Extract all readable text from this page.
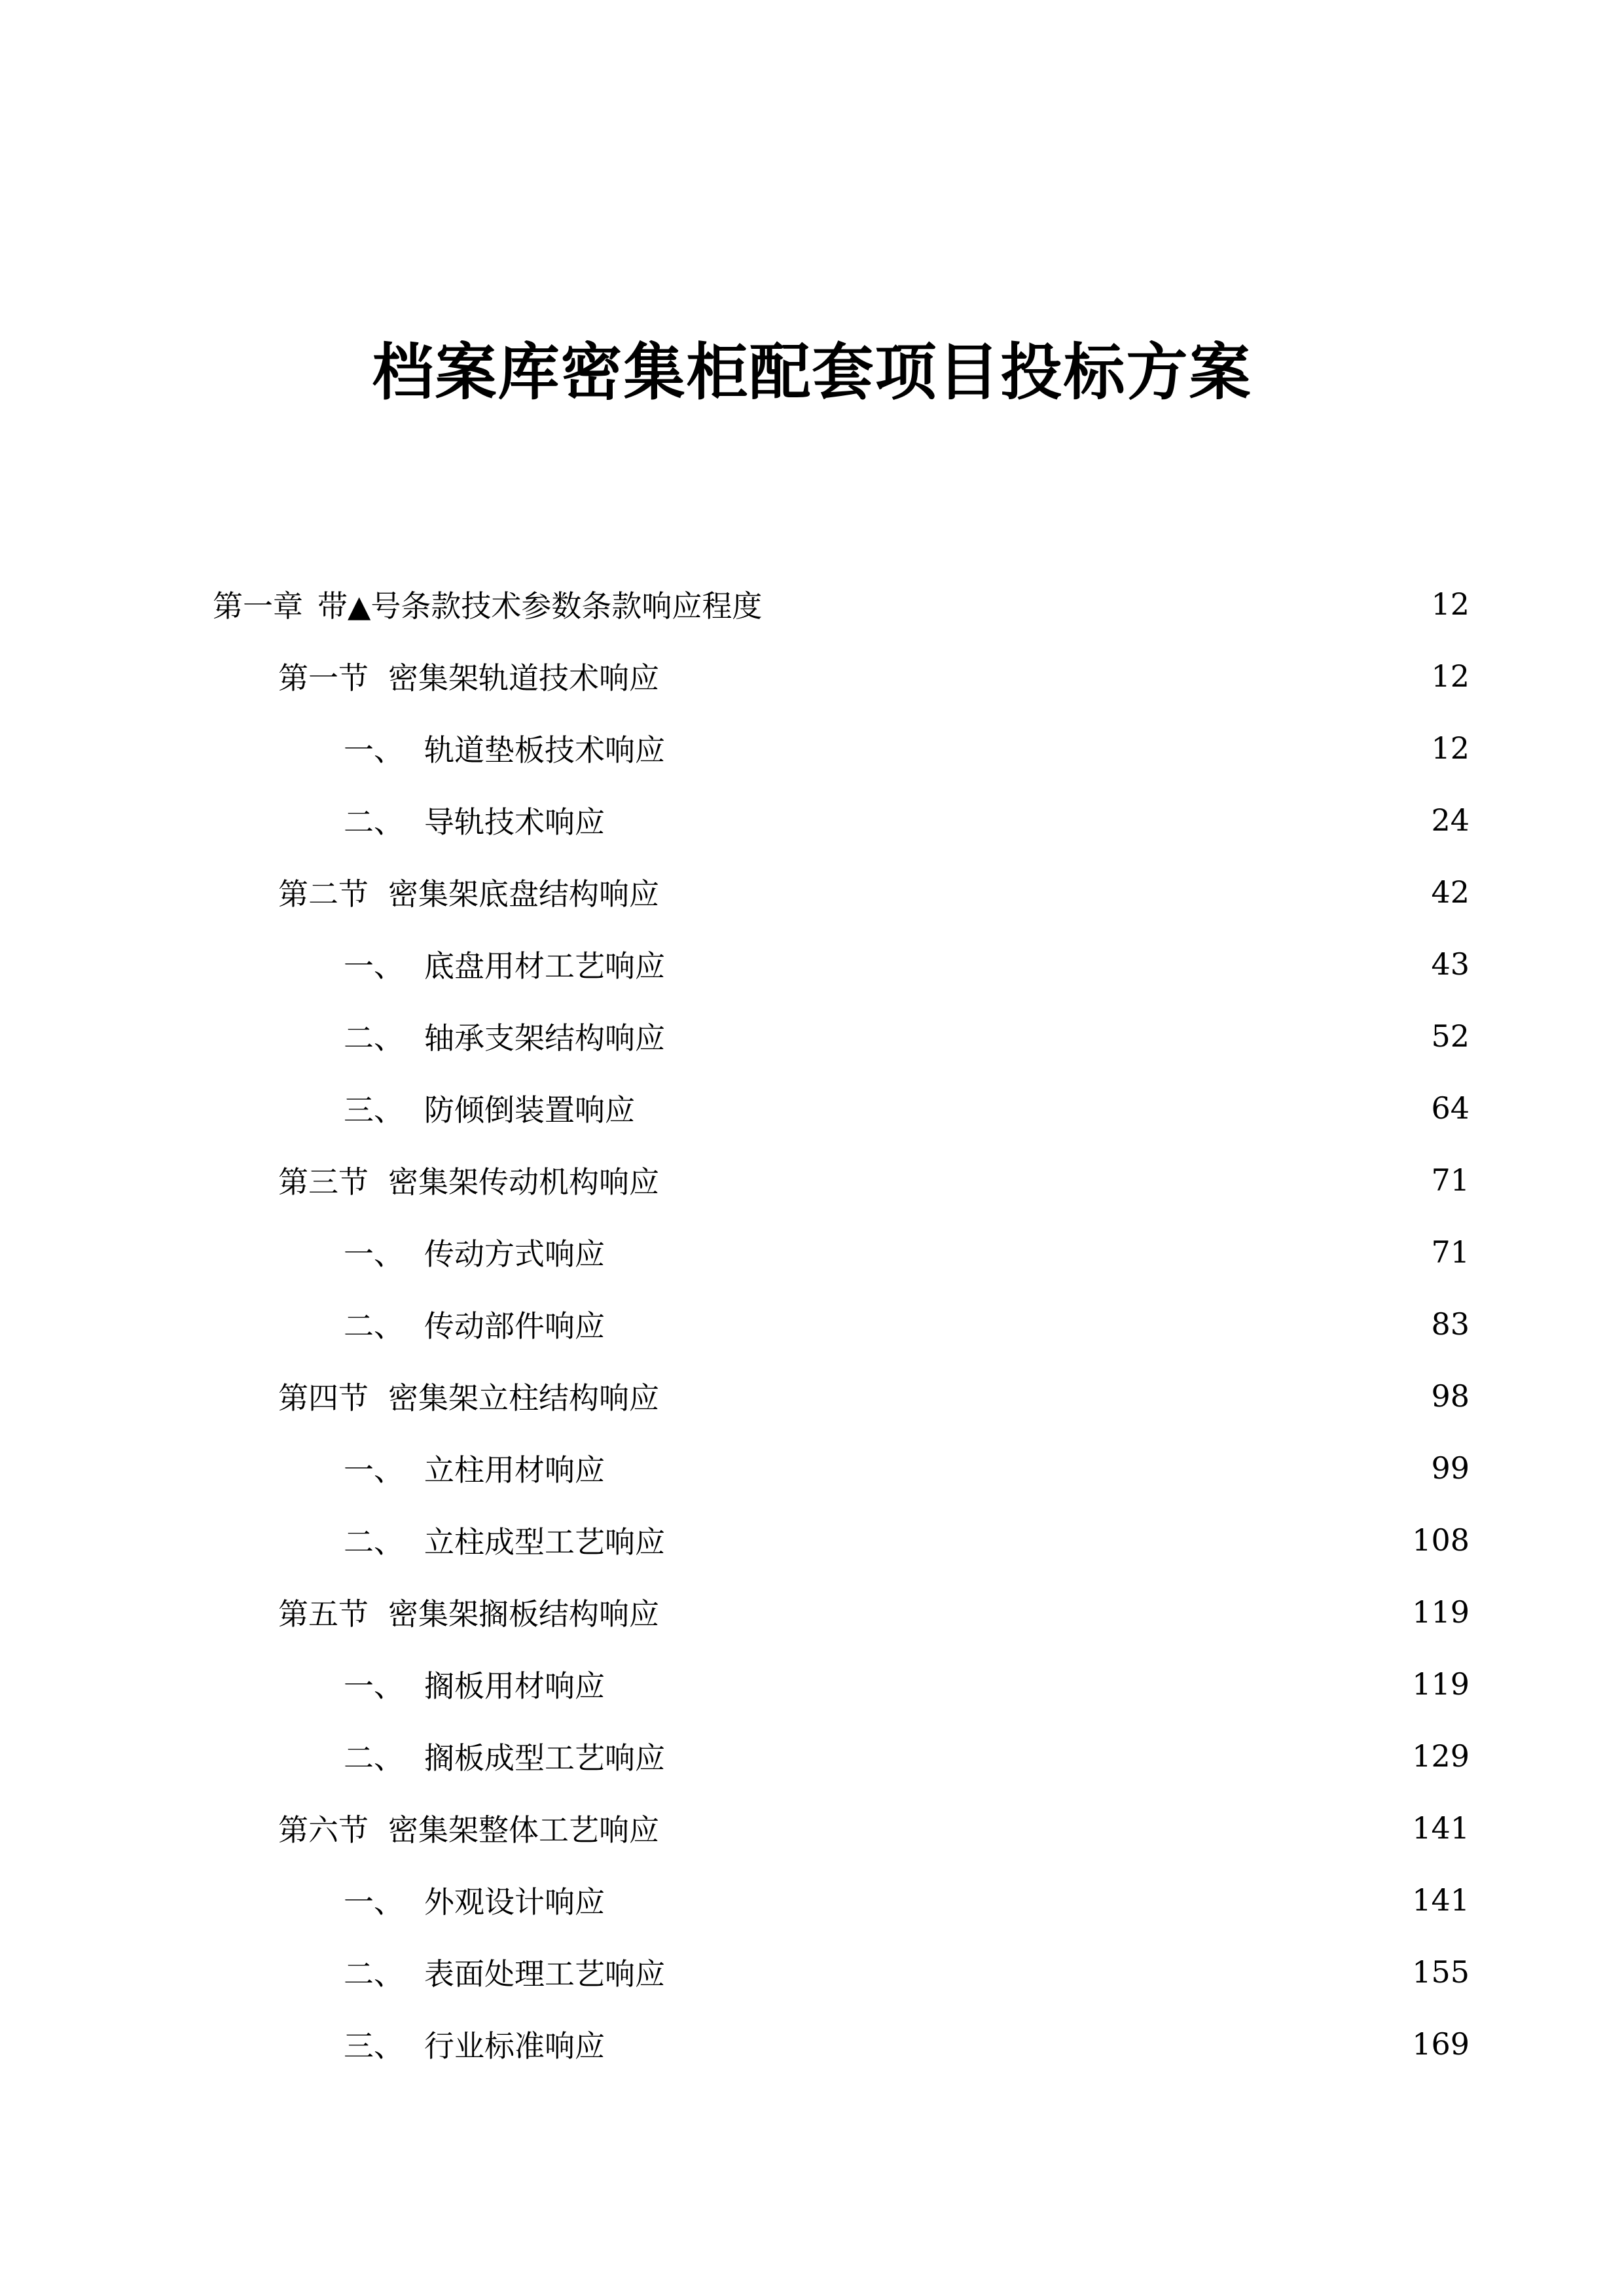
档案库密集柜配套项目投标方案
第一章 带▲号条款技术参数条款响应程度	12
第一节 密集架轨道技术响应	12
一、 轨道垫板技术响应	12
二、 导轨技术响应	24
第二节 密集架底盘结构响应	42
一、 底盘用材工艺响应	43
二、 轴承支架结构响应	52
三、 防倾倒装置响应	64
第三节 密集架传动机构响应	71
一、 传动方式响应	71
二、 传动部件响应	83
第四节 密集架立柱结构响应	98
一、 立柱用材响应	99
二、 立柱成型工艺响应	108
第五节 密集架搁板结构响应	119
一、 搁板用材响应	119
二、 搁板成型工艺响应	129
第六节 密集架整体工艺响应	141
一、 外观设计响应	141
二、 表面处理工艺响应	155
三、 行业标准响应	169
